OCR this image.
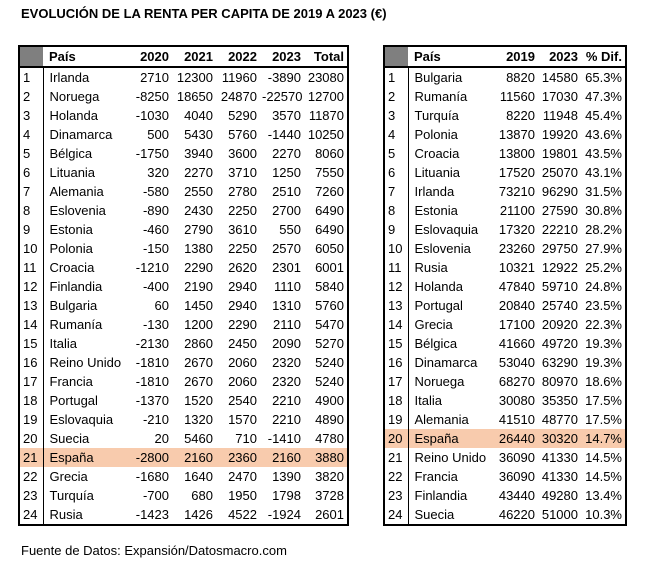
EVOLUCIÓN DE LA RENTA PER CAPITA DE 2019 A 2023 (€)
	País	2020	2021	2022	2023	Total
1	Irlanda	2710	12300	11960	-3890	23080
2	Noruega	-8250	18650	24870	-22570	12700
3	Holanda	-1030	4040	5290	3570	11870
4	Dinamarca	500	5430	5760	-1440	10250
5	Bélgica	-1750	3940	3600	2270	8060
6	Lituania	320	2270	3710	1250	7550
7	Alemania	-580	2550	2780	2510	7260
8	Eslovenia	-890	2430	2250	2700	6490
9	Estonia	-460	2790	3610	550	6490
10	Polonia	-150	1380	2250	2570	6050
11	Croacia	-1210	2290	2620	2301	6001
12	Finlandia	-400	2190	2940	1110	5840
13	Bulgaria	60	1450	2940	1310	5760
14	Rumanía	-130	1200	2290	2110	5470
15	Italia	-2130	2860	2450	2090	5270
16	Reino Unido	-1810	2670	2060	2320	5240
17	Francia	-1810	2670	2060	2320	5240
18	Portugal	-1370	1520	2540	2210	4900
19	Eslovaquia	-210	1320	1570	2210	4890
20	Suecia	20	5460	710	-1410	4780
21	España	-2800	2160	2360	2160	3880
22	Grecia	-1680	1640	2470	1390	3820
23	Turquía	-700	680	1950	1798	3728
24	Rusia	-1423	1426	4522	-1924	2601
	País	2019	2023	% Dif.
1	Bulgaria	8820	14580	65.3%
2	Rumanía	11560	17030	47.3%
3	Turquía	8220	11948	45.4%
4	Polonia	13870	19920	43.6%
5	Croacia	13800	19801	43.5%
6	Lituania	17520	25070	43.1%
7	Irlanda	73210	96290	31.5%
8	Estonia	21100	27590	30.8%
9	Eslovaquia	17320	22210	28.2%
10	Eslovenia	23260	29750	27.9%
11	Rusia	10321	12922	25.2%
12	Holanda	47840	59710	24.8%
13	Portugal	20840	25740	23.5%
14	Grecia	17100	20920	22.3%
15	Bélgica	41660	49720	19.3%
16	Dinamarca	53040	63290	19.3%
17	Noruega	68270	80970	18.6%
18	Italia	30080	35350	17.5%
19	Alemania	41510	48770	17.5%
20	España	26440	30320	14.7%
21	Reino Unido	36090	41330	14.5%
22	Francia	36090	41330	14.5%
23	Finlandia	43440	49280	13.4%
24	Suecia	46220	51000	10.3%
Fuente de Datos: Expansión/Datosmacro.com
